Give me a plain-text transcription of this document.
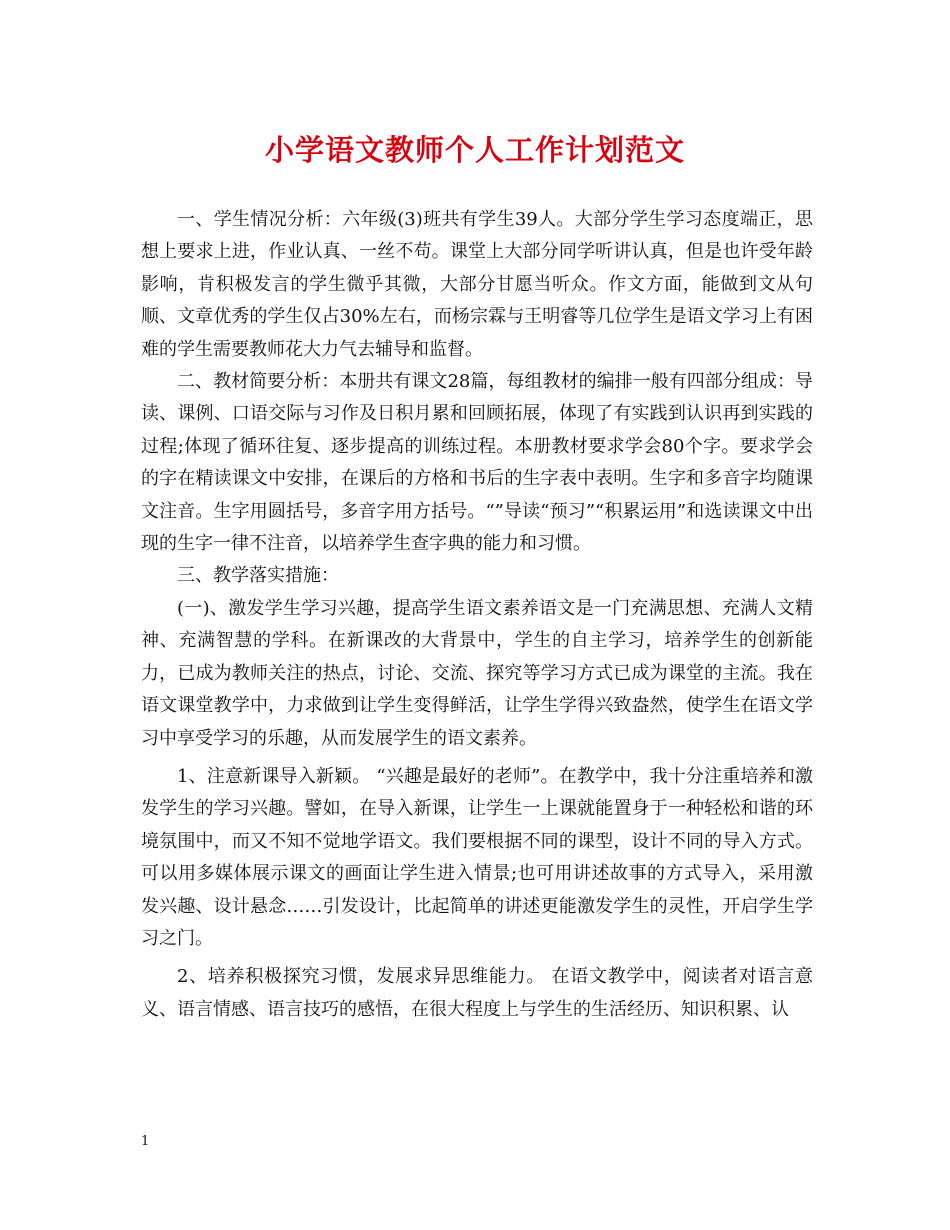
小学语文教师个人工作计划范文

一、学生情况分析：六年级(3)班共有学生39人。大部分学生学习态度端正，思想上要求上进，作业认真、一丝不苟。课堂上大部分同学听讲认真，但是也许受年龄影响，肯积极发言的学生微乎其微，大部分甘愿当听众。作文方面，能做到文从句顺、文章优秀的学生仅占30%左右，而杨宗霖与王明睿等几位学生是语文学习上有困难的学生需要教师花大力气去辅导和监督。

二、教材简要分析：本册共有课文28篇，每组教材的编排一般有四部分组成：导读、课例、口语交际与习作及日积月累和回顾拓展，体现了有实践到认识再到实践的过程;体现了循环往复、逐步提高的训练过程。本册教材要求学会80个字。要求学会的字在精读课文中安排，在课后的方格和书后的生字表中表明。生字和多音字均随课文注音。生字用圆括号，多音字用方括号。“”导读“预习”“积累运用”和选读课文中出现的生字一律不注音，以培养学生查字典的能力和习惯。

三、教学落实措施：

(一)、激发学生学习兴趣，提高学生语文素养语文是一门充满思想、充满人文精神、充满智慧的学科。在新课改的大背景中，学生的自主学习，培养学生的创新能力，已成为教师关注的热点，讨论、交流、探究等学习方式已成为课堂的主流。我在语文课堂教学中，力求做到让学生变得鲜活，让学生学得兴致盎然，使学生在语文学习中享受学习的乐趣，从而发展学生的语文素养。

1、注意新课导入新颖。 “兴趣是最好的老师”。在教学中，我十分注重培养和激发学生的学习兴趣。譬如，在导入新课，让学生一上课就能置身于一种轻松和谐的环境氛围中，而又不知不觉地学语文。我们要根据不同的课型，设计不同的导入方式。可以用多媒体展示课文的画面让学生进入情景;也可用讲述故事的方式导入，采用激发兴趣、设计悬念……引发设计，比起简单的讲述更能激发学生的灵性，开启学生学习之门。

2、培养积极探究习惯，发展求异思维能力。 在语文教学中，阅读者对语言意义、语言情感、语言技巧的感悟，在很大程度上与学生的生活经历、知识积累、认

1
